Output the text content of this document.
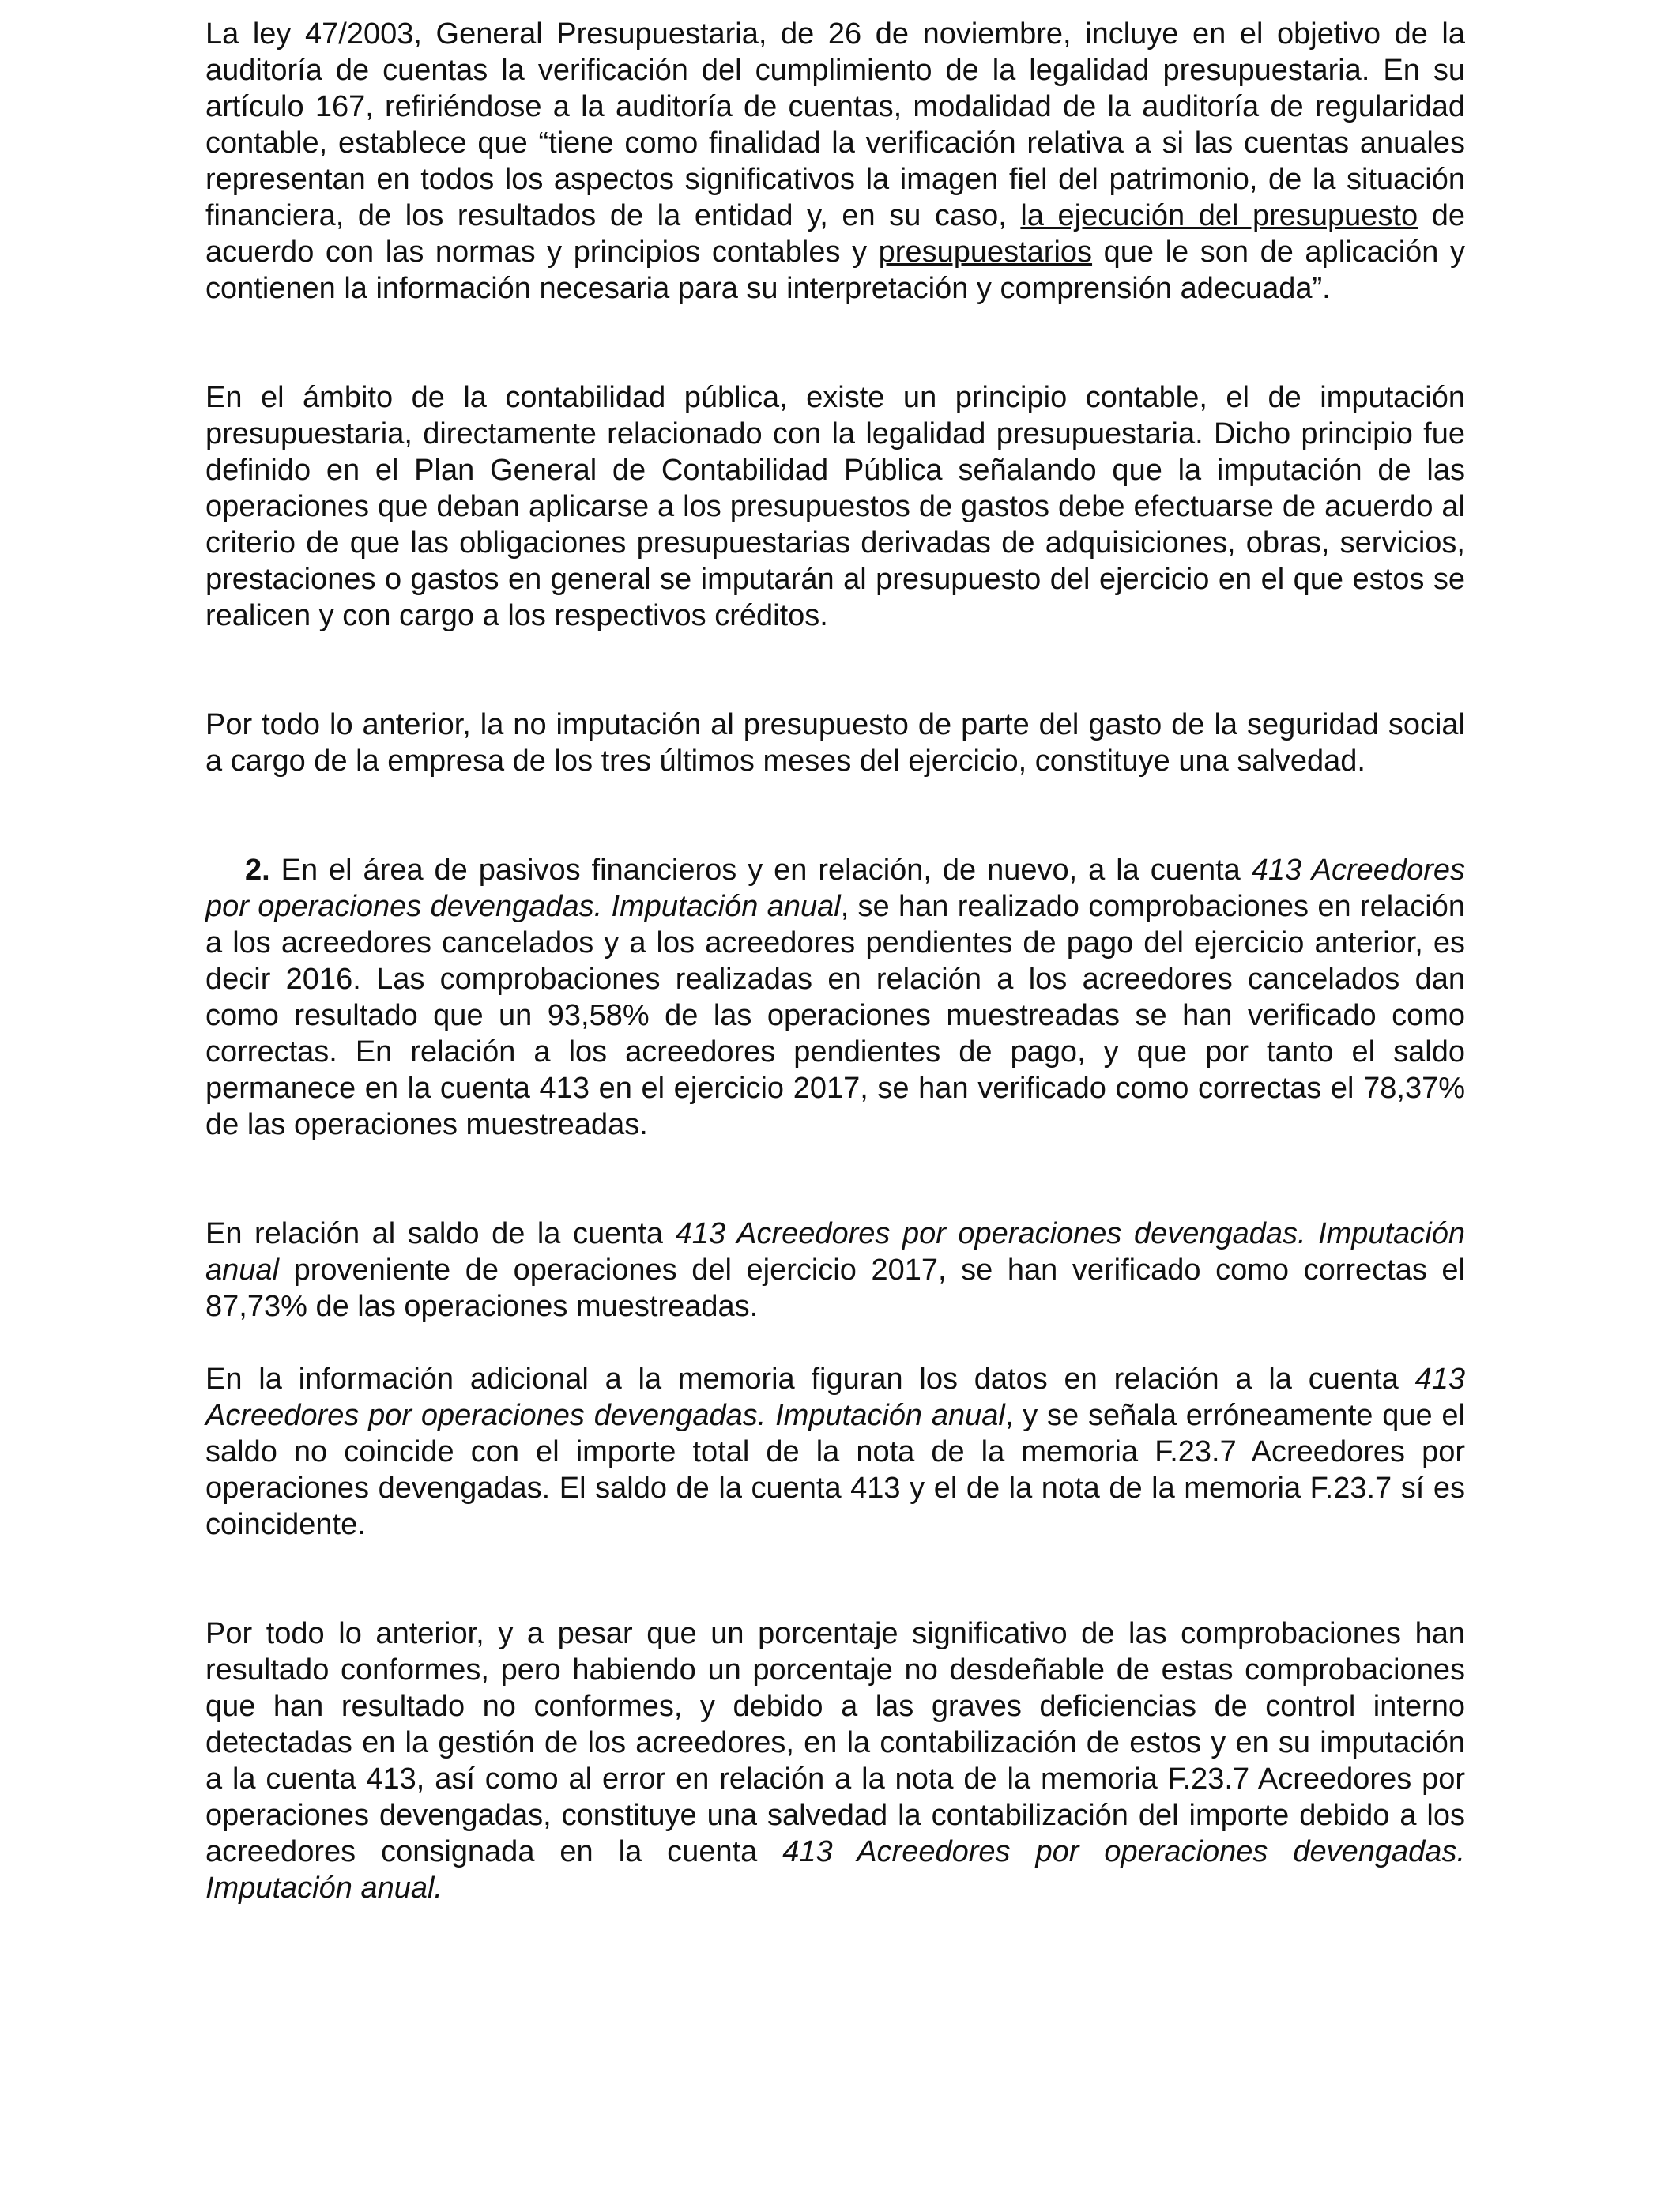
La ley 47/2003, General Presupuestaria, de 26 de noviembre, incluye en el objetivo de la auditoría de cuentas la verificación del cumplimiento de la legalidad presupuestaria. En su artículo 167, refiriéndose a la auditoría de cuentas, modalidad de la auditoría de regularidad contable, establece que “tiene como finalidad la verificación relativa a si las cuentas anuales representan en todos los aspectos significativos la imagen fiel del patrimonio, de la situación financiera, de los resultados de la entidad y, en su caso, la ejecución del presupuesto de acuerdo con las normas y principios contables y presupuestarios que le son de aplicación y contienen la información necesaria para su interpretación y comprensión adecuada”.

En el ámbito de la contabilidad pública, existe un principio contable, el de imputación presupuestaria, directamente relacionado con la legalidad presupuestaria. Dicho principio fue definido en el Plan General de Contabilidad Pública señalando que la imputación de las operaciones que deban aplicarse a los presupuestos de gastos debe efectuarse de acuerdo al criterio de que las obligaciones presupuestarias derivadas de adquisiciones, obras, servicios, prestaciones o gastos en general se imputarán al presupuesto del ejercicio en el que estos se realicen y con cargo a los respectivos créditos.

Por todo lo anterior, la no imputación al presupuesto de parte del gasto de la seguridad social a cargo de la empresa de los tres últimos meses del ejercicio, constituye una salvedad.

2. En el área de pasivos financieros y en relación, de nuevo, a la cuenta 413 Acreedores por operaciones devengadas. Imputación anual, se han realizado comprobaciones en relación a los acreedores cancelados y a los acreedores pendientes de pago del ejercicio anterior, es decir 2016. Las comprobaciones realizadas en relación a los acreedores cancelados dan como resultado que un 93,58% de las operaciones muestreadas se han verificado como correctas. En relación a los acreedores pendientes de pago, y que por tanto el saldo permanece en la cuenta 413 en el ejercicio 2017, se han verificado como correctas el 78,37% de las operaciones muestreadas.

En relación al saldo de la cuenta 413 Acreedores por operaciones devengadas. Imputación anual proveniente de operaciones del ejercicio 2017, se han verificado como correctas el 87,73% de las operaciones muestreadas.

En la información adicional a la memoria figuran los datos en relación a la cuenta 413 Acreedores por operaciones devengadas. Imputación anual, y se señala erróneamente que el saldo no coincide con el importe total de la nota de la memoria F.23.7 Acreedores por operaciones devengadas. El saldo de la cuenta 413 y el de la nota de la memoria F.23.7 sí es coincidente.

Por todo lo anterior, y a pesar que un porcentaje significativo de las comprobaciones han resultado conformes, pero habiendo un porcentaje no desdeñable de estas comprobaciones que han resultado no conformes, y debido a las graves deficiencias de control interno detectadas en la gestión de los acreedores, en la contabilización de estos y en su imputación a la cuenta 413, así como al error en relación a la nota de la memoria F.23.7 Acreedores por operaciones devengadas, constituye una salvedad la contabilización del importe debido a los acreedores consignada en la cuenta 413 Acreedores por operaciones devengadas. Imputación anual.
